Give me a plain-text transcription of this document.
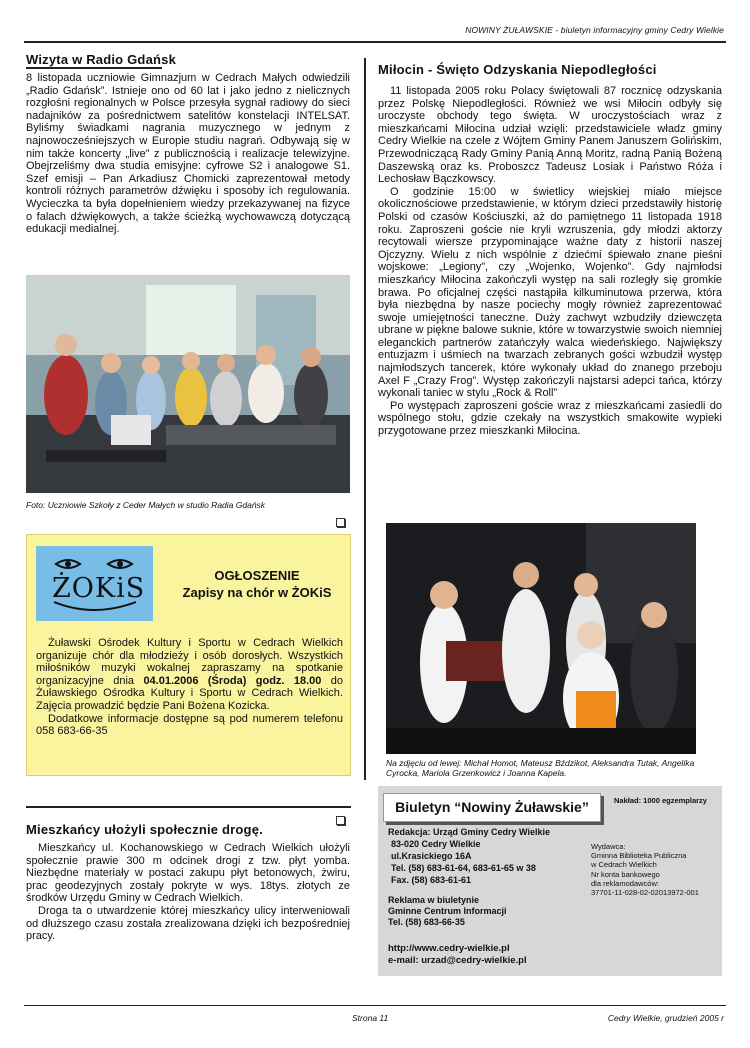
NOWINY ŻUŁAWSKIE - biuletyn informacyjny gminy Cedry Wielkie
Wizyta w Radio Gdańsk

8 listopada uczniowie Gimnazjum w Cedrach Małych odwiedzili „Radio Gdańsk”. Istnieje ono od 60 lat i jako jedno z nielicznych rozgłośni regionalnych w Polsce przesyła sygnał radiowy do sieci nadajników za pośrednictwem satelitów konstelacji INTELSAT. Byliśmy świadkami nagrania muzycznego w jednym z najnowocześniejszych w Europie studiu nagrań. Odbywają się w nim także koncerty „live” z publicznością i realizacje telewizyjne. Obejrzeliśmy dwa studia emisyjne: cyfrowe S2 i analogowe S1. Szef emisji – Pan Arkadiusz Chomicki zaprezentował metody kontroli różnych parametrów dźwięku i sposoby ich regulowania. Wycieczka ta była dopełnieniem wiedzy przekazywanej na fizyce o falach dźwiękowych, a także ścieżką wychowawczą dotyczącą edukacji medialnej.

Foto: Uczniowie Szkoły z Ceder Małych w studio Radia Gdańsk
ŻOKiS	OGŁOSZENIE
Zapisy na chór w ŻOKiS

Żuławski Ośrodek Kultury i Sportu w Cedrach Wielkich organizuje chór dla młodzieży i osób dorosłych. Wszystkich miłośników muzyki wokalnej zapraszamy na spotkanie organizacyjne dnia 04.01.2006 (Środa) godz. 18.00 do Żuławskiego Ośrodka Kultury i Sportu w Cedrach Wielkich. Zajęcia prowadzić będzie Pani Bożena Kozicka.

Dodatkowe informacje dostępne są pod numerem telefonu 058 683-66-35

Mieszkańcy ułożyli społecznie drogę.

Mieszkańcy ul. Kochanowskiego w Cedrach Wielkich ułożyli społecznie prawie 300 m odcinek drogi z tzw. płyt yomba. Niezbędne materiały w postaci zakupu płyt betonowych, żwiru, prac geodezyjnych zostały pokryte w wys. 18tys. złotych ze środków Urzędu Gminy w Cedrach Wielkich.

Droga ta o utwardzenie której mieszkańcy ulicy interweniowali od dłuższego czasu została zrealizowana dzięki ich bezpośredniej pracy.

Miłocin - Święto Odzyskania Niepodległości

11 listopada 2005 roku Polacy świętowali 87 rocznicę odzyskania przez Polskę Niepodległości. Również we wsi Miłocin odbyły się uroczyste obchody tego święta. W uroczystościach wraz z mieszkańcami Miłocina udział wzięli: przedstawiciele władz gminy Cedry Wielkie na czele z Wójtem Gminy Panem Januszem Golińskim, Przewodniczącą Rady Gminy Panią Anną Moritz, radną Panią Bożeną Daszewską oraz ks. Proboszcz Tadeusz Losiak i Państwo Róża i Lechosław Bączkowscy.

O godzinie 15:00 w świetlicy wiejskiej miało miejsce okolicznościowe przedstawienie, w którym dzieci przedstawiły historię Polski od czasów Kościuszki, aż do pamiętnego 11 listopada 1918 roku. Zaproszeni goście nie kryli wzruszenia, gdy młodzi aktorzy recytowali wiersze przypominające ważne daty z historii naszej Ojczyzny. Wielu z nich wspólnie z dziećmi śpiewało znane pieśni wojskowe: „Legiony”, czy „Wojenko, Wojenko”. Gdy najmłodsi mieszkańcy Miłocina zakończyli występ na sali rozległy się gromkie brawa. Po oficjalnej części nastąpiła kilkuminutowa przerwa, która była niezbędna by nasze pociechy mogły również zaprezentować swoje umiejętności taneczne. Duży zachwyt wzbudziły dziewczęta ubrane w piękne balowe suknie, które w towarzystwie swoich niemniej eleganckich partnerów zatańczyły walca wiedeńskiego. Największy entuzjazm i uśmiech na twarzach zebranych gości wzbudził występ najmłodszych tancerek, które wykonały układ do znanego przeboju Axel F „Crazy Frog”. Występ zakończyli najstarsi adepci tańca, którzy wykonali taniec w stylu „Rock & Roll”

Po występach zaproszeni goście wraz z mieszkańcami zasiedli do wspólnego stołu, gdzie czekały na wszystkich smakowite wypieki przygotowane przez mieszkanki Miłocina.

Na zdjęciu od lewej: Michał Homot, Mateusz Bździkot, Aleksandra Tutak, Angelika Cyrocka, Mariola Grzenkowicz i Joanna Kapela.
Biuletyn “Nowiny Żuławskie”	Nakład: 1000 egzemplarzy
Redakcja: Urząd Gminy Cedry Wielkie
83-020 Cedry Wielkie
ul.Krasickiego 16A
Tel. (58) 683-61-64, 683-61-65 w 38
Fax. (58) 683-61-61
Reklama w biuletynie
Gminne Centrum Informacji
Tel. (58) 683-66-35
Wydawca:
Gminna Biblioteka Publiczna
w Cedrach Wielkich
Nr konta bankowego
dla reklamodawców:
37701-11-028-02-02013972-001
http://www.cedry-wielkie.pl
e-mail: urzad@cedry-wielkie.pl
Strona 11	Cedry Wielkie, grudzień 2005 r
